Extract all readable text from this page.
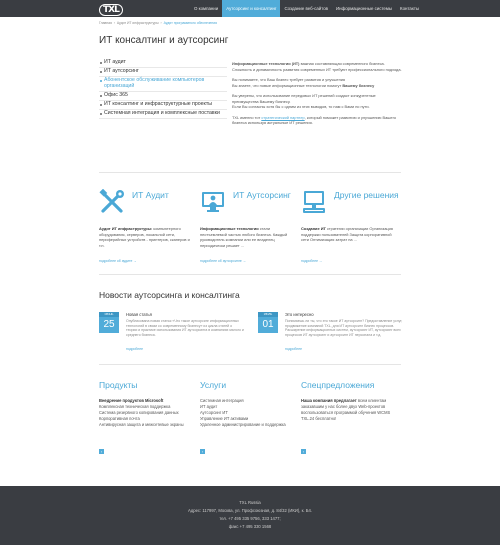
TXL	О компании	Аутсорсинг и консалтинг	Создание веб-сайтов	Информационные системы	Контакты
Главная  ›  Аудит ИТ инфраструктуры  ›  Аудит программного обеспечения
ИТ консалтинг и аутсорсинг
ИТ аудит
ИТ аутсорсинг
Абонентское обслуживание компьютеров организаций
Офис 365
ИТ консалтинг и инфраструктурные проекты
Системная интеграция и комплексные поставки

Информационные технологии (ИТ) важная составляющая современного бизнеса. Сложность и динамичность развития современных ИТ требуют профессионального подхода.

Вы понимаете, что Ваш бизнес требует развития и улучшения
Вы знаете, что новые информационные технологии помогут Вашему бизнесу

Вы уверены, что использование передовых ИТ решений создаст конкурентные преимущества Вашему бизнесу.
Если Вы согласны хотя бы с одним из этих выводов, то нам с Вами по пути.

TXL именно тот стратегический партнер, который поможет развитию и улучшению Вашего бизнеса используя актуальные ИТ решения.

ИТ Аудит
Аудит ИТ инфраструктуры: компьютерного оборудования, серверов, локальной сети, периферийных устройств - принтеров, сканеров и т.п.
подробнее об аудите →
ИТ Аутсорсинг
Информационные технологии стали неотъемлемой частью любого бизнеса. Каждый руководитель компании или ее владелец периодически решает ...
подробнее об аутсорсинге →
Другие решения
Создание ИТ стратегии организации Организация поддержки пользователей Защита корпоративной сети Оптимизация затрат на ...
подробнее →
Новости аутсорсинга и консалтинга
ИЮНЬ
25
Новая статья
Опубликована новая статья «Что такое аутсорсинг информационных технологий в связи со современному бизнесу» из цикла статей о теории и практике использования ИТ аутсорсинга в компаниях малого и среднего бизнеса.
подробнее
ИЮЛЬ
01
Это интересно
Понимаешь ли ты, что это такое ИТ аутсорсинг? Предоставление услуг, продвижение компаний TXL, для ИТ аутсорсинг бизнес процессов. Расширение информационных систем, аутсорсинг ИТ, аутсорсинг всех процессов ИТ аутсорсинг и аутсорсинг ИТ персонала и т.д.
подробнее
Продукты
Внедрение продуктов Microsoft
Комплексная техническая поддержка
Система резервного копирования данных
Корпоративная почта
Антивирусная защита и межсетевые экраны
Услуги
Системная интеграция
ИТ аудит
Аутсорсинг ИТ
Управление ИТ активами
Удаленное администрирование и поддержка
Спецпредложения
Наша компания предлагает всем клиентам заказавшим у нас более двух Web-проектов воспользоваться программой обучения WCMS TXL.24 бесплатно!
›	›	›
TXL Russia
Адрес: 117997, Москва, ул. Профсоюзная, д. 84/32 (ИКИ), к. Б4.
тел. +7 495 335 9756, 333 1477;
факс +7 495 330 1568
